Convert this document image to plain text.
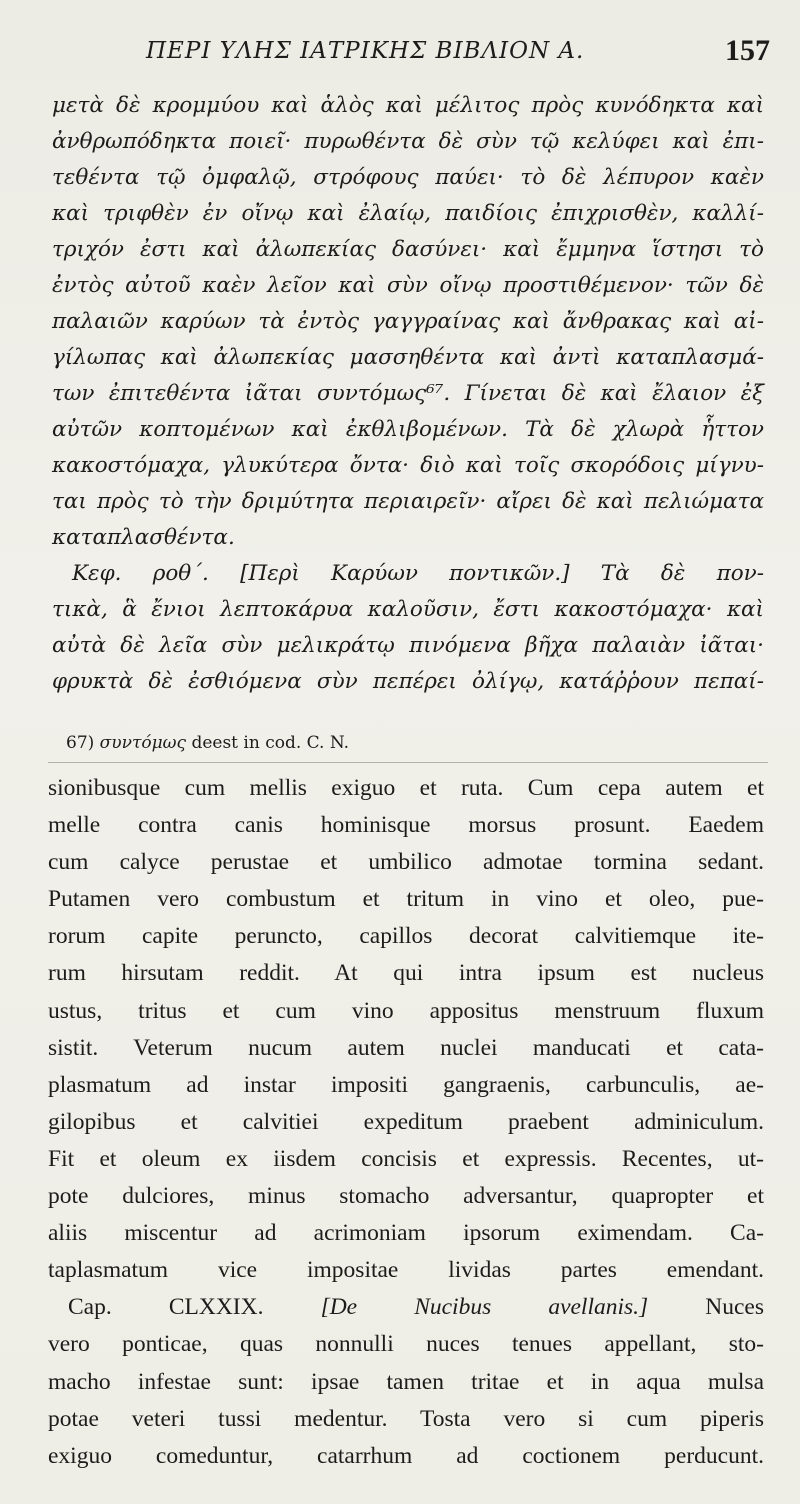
ΠΕΡΙ ΥΛΗΣ ΙΑΤΡΙΚΗΣ ΒΙΒΛΙΟΝ Α.	157
μετὰ δὲ κρομμύου καὶ ἁλὸς καὶ μέλιτος πρὸς κυνόδηκτα καὶ
ἀνθρωπόδηκτα ποιεῖ· πυρωθέντα δὲ σὺν τῷ κελύφει καὶ ἐπι-
τεθέντα τῷ ὀμφαλῷ, στρόφους παύει· τὸ δὲ λέπυρον καὲν
καὶ τριφθὲν ἐν οἴνῳ καὶ ἐλαίῳ, παιδίοις ἐπιχρισθὲν, καλλί-
τριχόν ἐστι καὶ ἀλωπεκίας δασύνει· καὶ ἔμμηνα ἵστησι τὸ
ἐντὸς αὐτοῦ καὲν λεῖον καὶ σὺν οἴνῳ προστιθέμενον· τῶν δὲ
παλαιῶν καρύων τὰ ἐντὸς γαγγραίνας καὶ ἄνθρακας καὶ αἰ-
γίλωπας καὶ ἀλωπεκίας μασσηθέντα καὶ ἀντὶ καταπλασμά-
των ἐπιτεθέντα ἰᾶται συντόμως⁶⁷. Γίνεται δὲ καὶ ἔλαιον ἐξ
αὐτῶν κοπτομένων καὶ ἐκθλιβομένων. Τὰ δὲ χλωρὰ ἧττον
κακοστόμαχα, γλυκύτερα ὄντα· διὸ καὶ τοῖς σκορόδοις μίγνυ-
ται πρὸς τὸ τὴν δριμύτητα περιαιρεῖν· αἴρει δὲ καὶ πελιώματα
καταπλασθέντα.
Κεφ. ροθ΄. [Περὶ Καρύων ποντικῶν.] Τὰ δὲ πον-
τικὰ, ἃ ἔνιοι λεπτοκάρυα καλοῦσιν, ἔστι κακοστόμαχα· καὶ
αὐτὰ δὲ λεῖα σὺν μελικράτῳ πινόμενα βῆχα παλαιὰν ἰᾶται·
φρυκτὰ δὲ ἐσθιόμενα σὺν πεπέρει ὀλίγῳ, κατάῤῥουν πεπαί-
67) συντόμως deest in cod. C. N.
sionibusque cum mellis exiguo et ruta. Cum cepa autem et
melle contra canis hominisque morsus prosunt. Eaedem
cum calyce perustae et umbilico admotae tormina sedant.
Putamen vero combustum et tritum in vino et oleo, pue-
rorum capite peruncto, capillos decorat calvitiemque ite-
rum hirsutam reddit. At qui intra ipsum est nucleus
ustus, tritus et cum vino appositus menstruum fluxum
sistit. Veterum nucum autem nuclei manducati et cata-
plasmatum ad instar impositi gangraenis, carbunculis, ae-
gilopibus et calvitiei expeditum praebent adminiculum.
Fit et oleum ex iisdem concisis et expressis. Recentes, ut-
pote dulciores, minus stomacho adversantur, quapropter et
aliis miscentur ad acrimoniam ipsorum eximendam. Ca-
taplasmatum vice impositae lividas partes emendant.
Cap. CLXXIX. [De Nucibus avellanis.] Nuces
vero ponticae, quas nonnulli nuces tenues appellant, sto-
macho infestae sunt: ipsae tamen tritae et in aqua mulsa
potae veteri tussi medentur. Tosta vero si cum piperis
exiguo comeduntur, catarrhum ad coctionem perducunt.
